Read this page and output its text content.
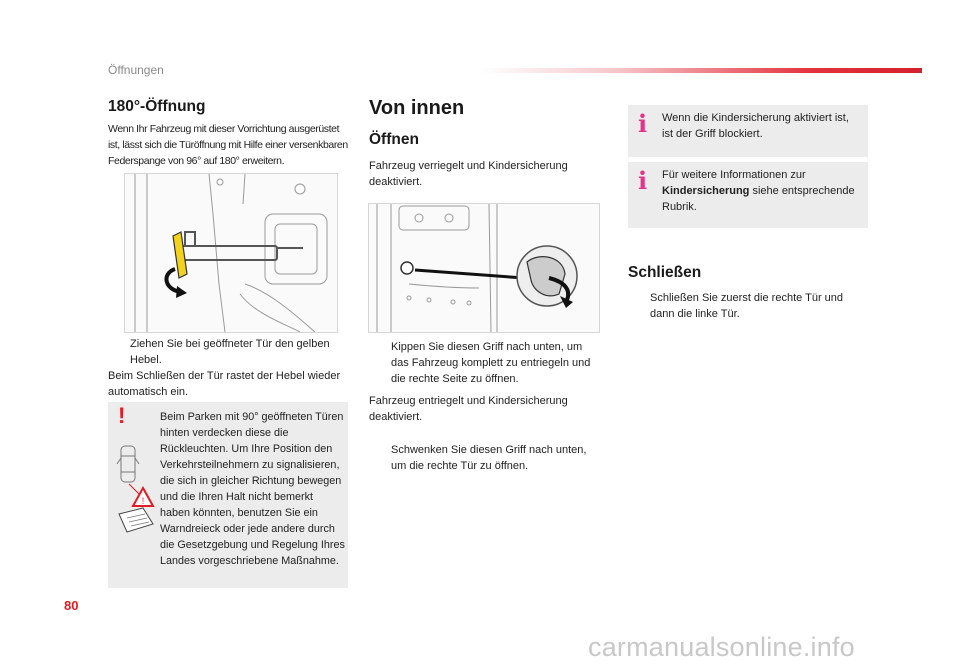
Öffnungen
180°-Öffnung
Wenn Ihr Fahrzeug mit dieser Vorrichtung ausgerüstet ist, lässt sich die Türöffnung mit Hilfe einer versenkbaren Federspange von 96° auf 180° erweitern.
Ziehen Sie bei geöffneter Tür den gelben Hebel.
Beim Schließen der Tür rastet der Hebel wieder automatisch ein.
!
!
Beim Parken mit 90° geöffneten Türen hinten verdecken diese die Rückleuchten. Um Ihre Position den Verkehrsteilnehmern zu signalisieren, die sich in gleicher Richtung bewegen und die Ihren Halt nicht bemerkt haben könnten, benutzen Sie ein Warndreieck oder jede andere durch die Gesetzgebung und Regelung Ihres Landes vorgeschriebene Maßnahme.
Von innen
Öffnen
Fahrzeug verriegelt und Kindersicherung deaktiviert.
Kippen Sie diesen Griff nach unten, um das Fahrzeug komplett zu entriegeln und die rechte Seite zu öffnen.
Fahrzeug entriegelt und Kindersicherung deaktiviert.
Schwenken Sie diesen Griff nach unten, um die rechte Tür zu öffnen.
i Wenn die Kindersicherung aktiviert ist, ist der Griff blockiert.
i Für weitere Informationen zur Kindersicherung siehe entsprechende Rubrik.
Schließen
Schließen Sie zuerst die rechte Tür und dann die linke Tür.
80
carmanualsonline.info
